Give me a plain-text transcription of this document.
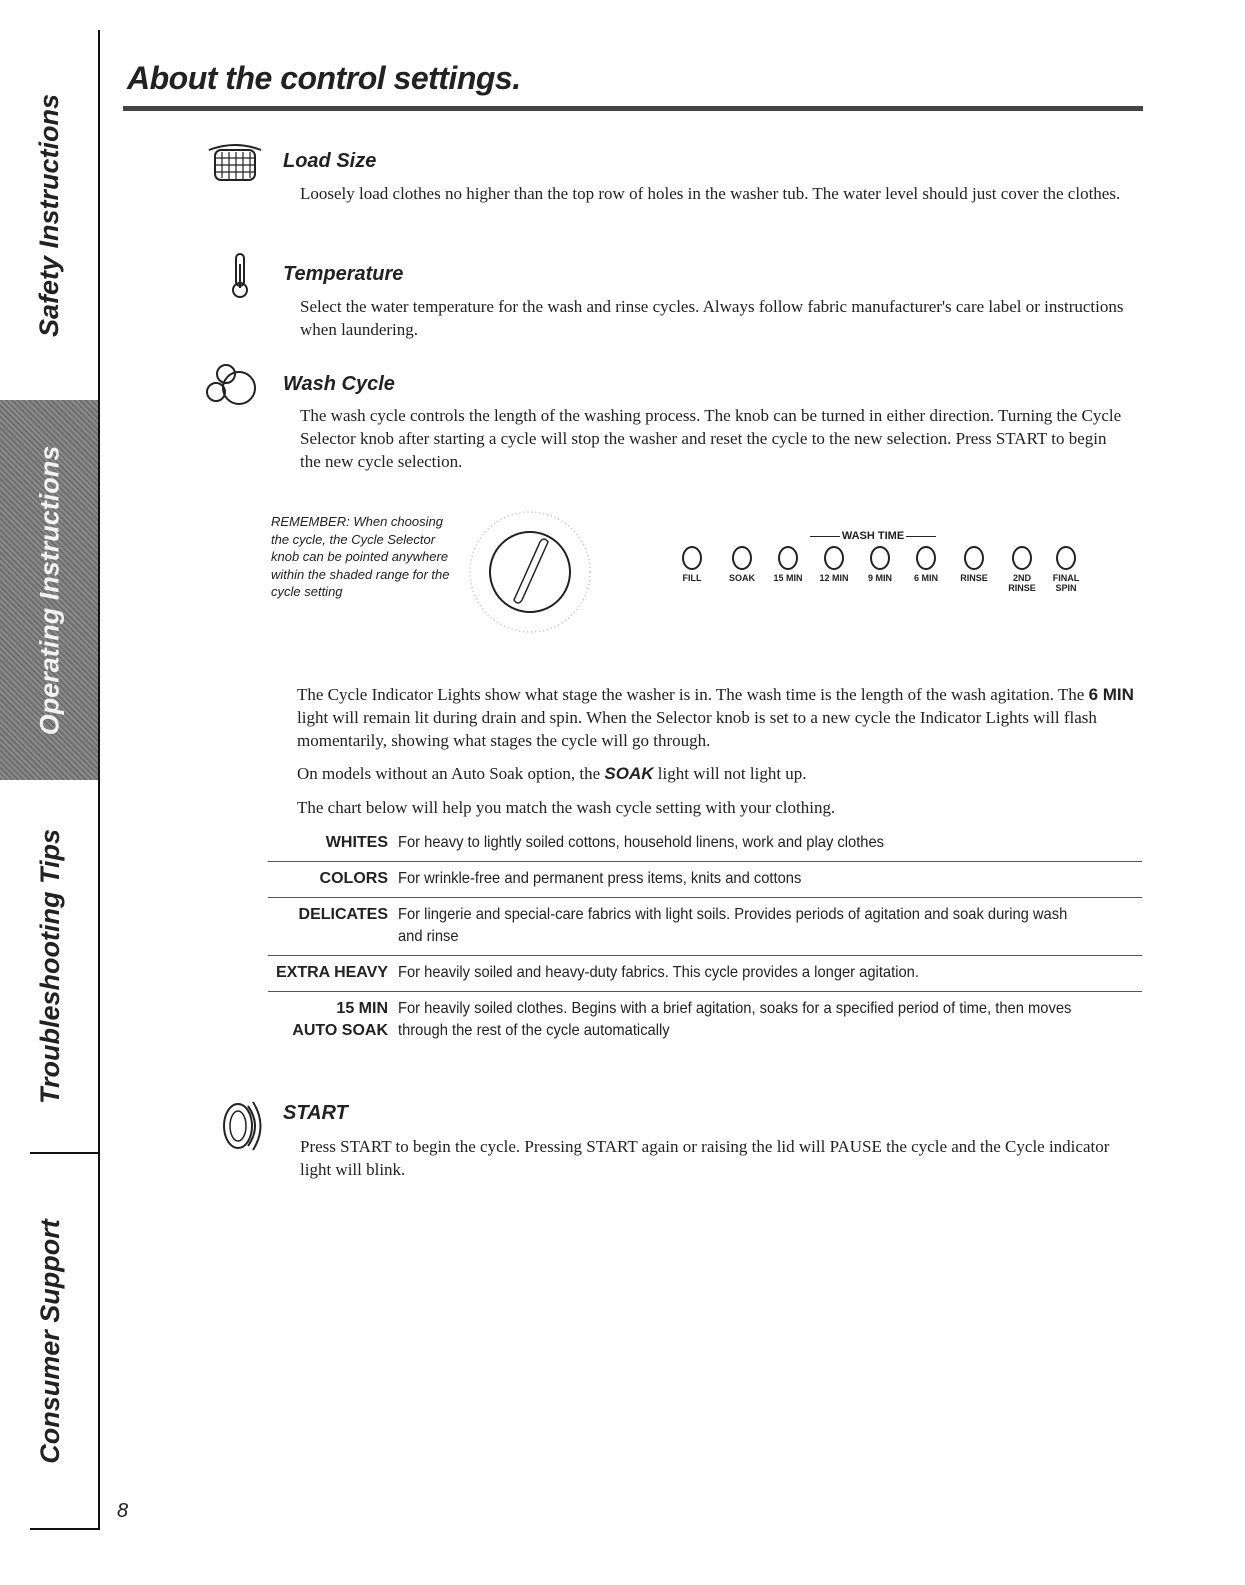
Safety Instructions
Operating Instructions
Troubleshooting Tips
Consumer Support
About the control settings.
Load Size

Loosely load clothes no higher than the top row of holes in the washer tub. The water level should just cover the clothes.

Temperature

Select the water temperature for the wash and rinse cycles. Always follow fabric manufacturer's care label or instructions when laundering.

Wash Cycle

The wash cycle controls the length of the washing process. The knob can be turned in either direction. Turning the Cycle Selector knob after starting a cycle will stop the washer and reset the cycle to the new selection. Press START to begin the new cycle selection.

REMEMBER: When choosing the cycle, the Cycle Selector knob can be pointed anywhere within the shaded range for the cycle setting
WASH TIME
FILL	SOAK	15 MIN	12 MIN	9 MIN	6 MIN	RINSE	2ND RINSE
FINAL SPIN

The Cycle Indicator Lights show what stage the washer is in. The wash time is the length of the wash agitation. The 6 MIN light will remain lit during drain and spin. When the Selector knob is set to a new cycle the Indicator Lights will flash momentarily, showing what stages the cycle will go through.

On models without an Auto Soak option, the SOAK light will not light up.

The chart below will help you match the wash cycle setting with your clothing.

WHITES For heavy to lightly soiled cottons, household linens, work and play clothes
COLORS For wrinkle-free and permanent press items, knits and cottons
DELICATES For lingerie and special-care fabrics with light soils. Provides periods of agitation and soak during wash and rinse
EXTRA HEAVY For heavily soiled and heavy-duty fabrics. This cycle provides a longer agitation.
15 MIN
AUTO SOAK
For heavily soiled clothes. Begins with a brief agitation, soaks for a specified period of time, then moves through the rest of the cycle automatically
START

Press START to begin the cycle. Pressing START again or raising the lid will PAUSE the cycle and the Cycle indicator light will blink.

8
